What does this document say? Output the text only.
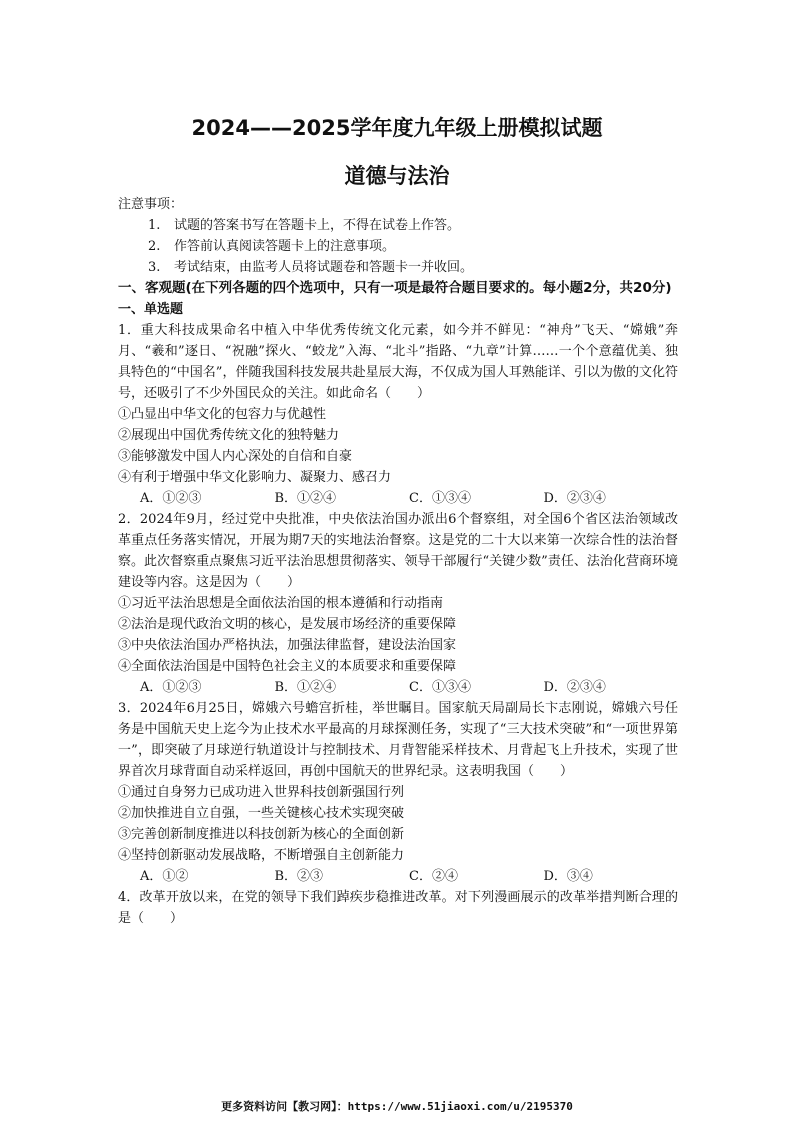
2024——2025学年度九年级上册模拟试题
道德与法治

注意事项：

1.	试题的答案书写在答题卡上，不得在试卷上作答。
2.	作答前认真阅读答题卡上的注意事项。
3.	考试结束，由监考人员将试题卷和答题卡一并收回。

一、客观题(在下列各题的四个选项中，只有一项是最符合题目要求的。每小题2分，共20分)

一、单选题

1．重大科技成果命名中植入中华优秀传统文化元素，如今并不鲜见：“神舟”飞天、“嫦娥”奔月、“羲和”逐日、“祝融”探火、“蛟龙”入海、“北斗”指路、“九章”计算……一个个意蕴优美、独具特色的“中国名”，伴随我国科技发展共赴星辰大海，不仅成为国人耳熟能详、引以为傲的文化符号，还吸引了不少外国民众的关注。如此命名（　　）

①凸显出中华文化的包容力与优越性

②展现出中国优秀传统文化的独特魅力

③能够激发中国人内心深处的自信和自豪

④有利于增强中华文化影响力、凝聚力、感召力

A．①②③	B．①②④	C．①③④	D．②③④

2．2024年9月，经过党中央批准，中央依法治国办派出6个督察组，对全国6个省区法治领域改革重点任务落实情况，开展为期7天的实地法治督察。这是党的二十大以来第一次综合性的法治督察。此次督察重点聚焦习近平法治思想贯彻落实、领导干部履行“关键少数”责任、法治化营商环境建设等内容。这是因为（　　）

①习近平法治思想是全面依法治国的根本遵循和行动指南

②法治是现代政治文明的核心，是发展市场经济的重要保障

③中央依法治国办严格执法，加强法律监督，建设法治国家

④全面依法治国是中国特色社会主义的本质要求和重要保障

A．①②③	B．①②④	C．①③④	D．②③④

3．2024年6月25日，嫦娥六号蟾宫折桂，举世瞩目。国家航天局副局长卞志刚说，嫦娥六号任务是中国航天史上迄今为止技术水平最高的月球探测任务，实现了“三大技术突破”和“一项世界第一”，即突破了月球逆行轨道设计与控制技术、月背智能采样技术、月背起飞上升技术，实现了世界首次月球背面自动采样返回，再创中国航天的世界纪录。这表明我国（　　）

①通过自身努力已成功进入世界科技创新强国行列

②加快推进自立自强，一些关键核心技术实现突破

③完善创新制度推进以科技创新为核心的全面创新

④坚持创新驱动发展战略，不断增强自主创新能力

A．①②	B．②③	C．②④	D．③④

4．改革开放以来，在党的领导下我们踔疾步稳推进改革。对下列漫画展示的改革举措判断合理的是（　　）

更多资料访问【教习网】：https://www.51jiaoxi.com/u/2195370
